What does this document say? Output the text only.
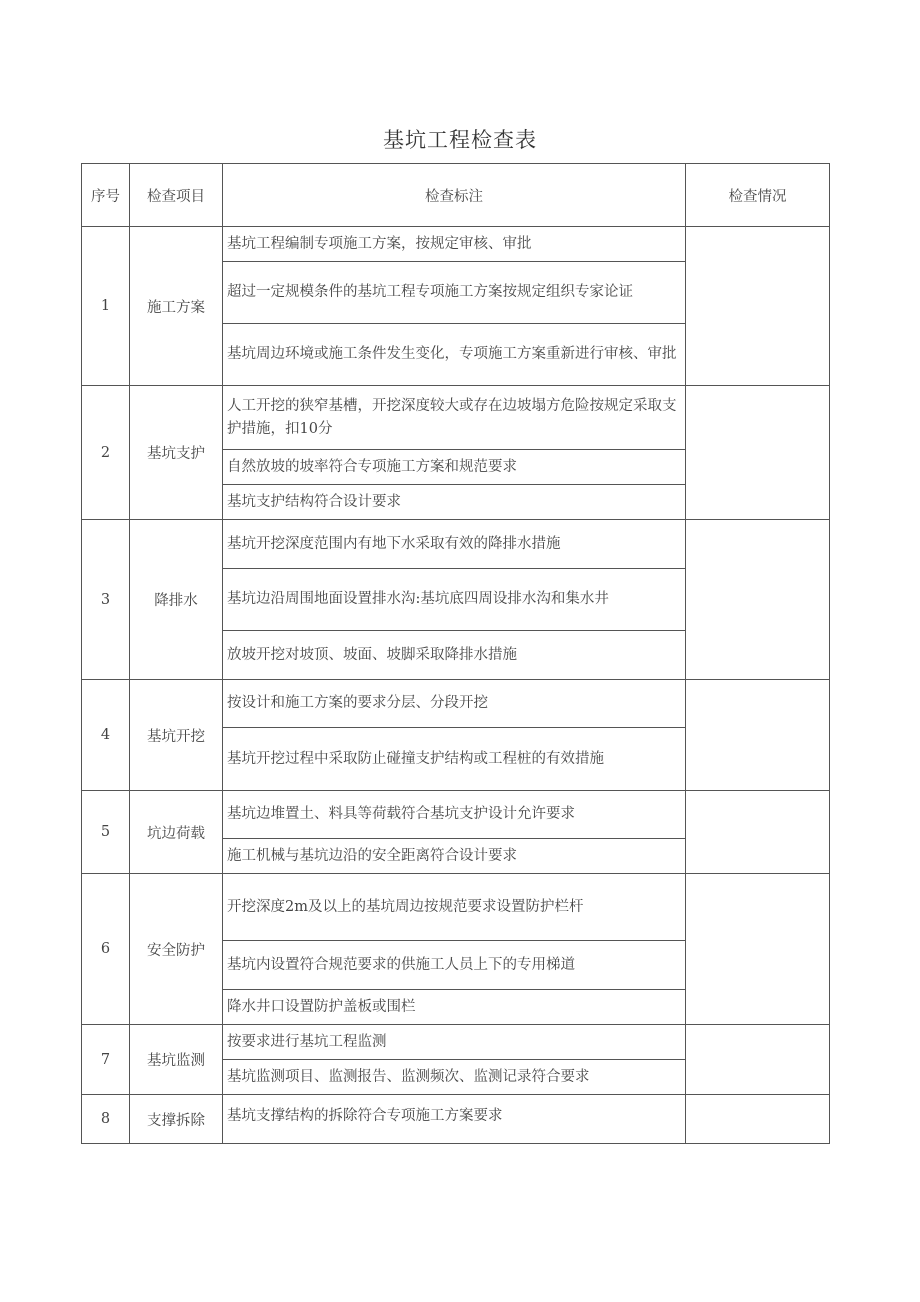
基坑工程检查表
序号	检查项目	检查标注	检查情况
1	施工方案	基坑工程编制专项施工方案，按规定审核、审批	
		超过一定规模条件的基坑工程专项施工方案按规定组织专家论证	
		基坑周边环境或施工条件发生变化，专项施工方案重新进行审核、审批	
2	基坑支护	人工开挖的狭窄基槽，开挖深度较大或存在边坡塌方危险按规定采取支护措施，扣10分	
		自然放坡的坡率符合专项施工方案和规范要求	
		基坑支护结构符合设计要求	
3	降排水	基坑开挖深度范围内有地下水采取有效的降排水措施	
		基坑边沿周围地面设置排水沟:基坑底四周设排水沟和集水井	
		放坡开挖对坡顶、坡面、坡脚采取降排水措施	
4	基坑开挖	按设计和施工方案的要求分层、分段开挖	
		基坑开挖过程中采取防止碰撞支护结构或工程桩的有效措施	
5	坑边荷载	基坑边堆置土、料具等荷载符合基坑支护设计允许要求	
		施工机械与基坑边沿的安全距离符合设计要求	
6	安全防护	开挖深度2m及以上的基坑周边按规范要求设置防护栏杆	
		基坑内设置符合规范要求的供施工人员上下的专用梯道	
		降水井口设置防护盖板或围栏	
7	基坑监测	按要求进行基坑工程监测	
		基坑监测项目、监测报告、监测频次、监测记录符合要求	
8	支撑拆除	基坑支撑结构的拆除符合专项施工方案要求	
